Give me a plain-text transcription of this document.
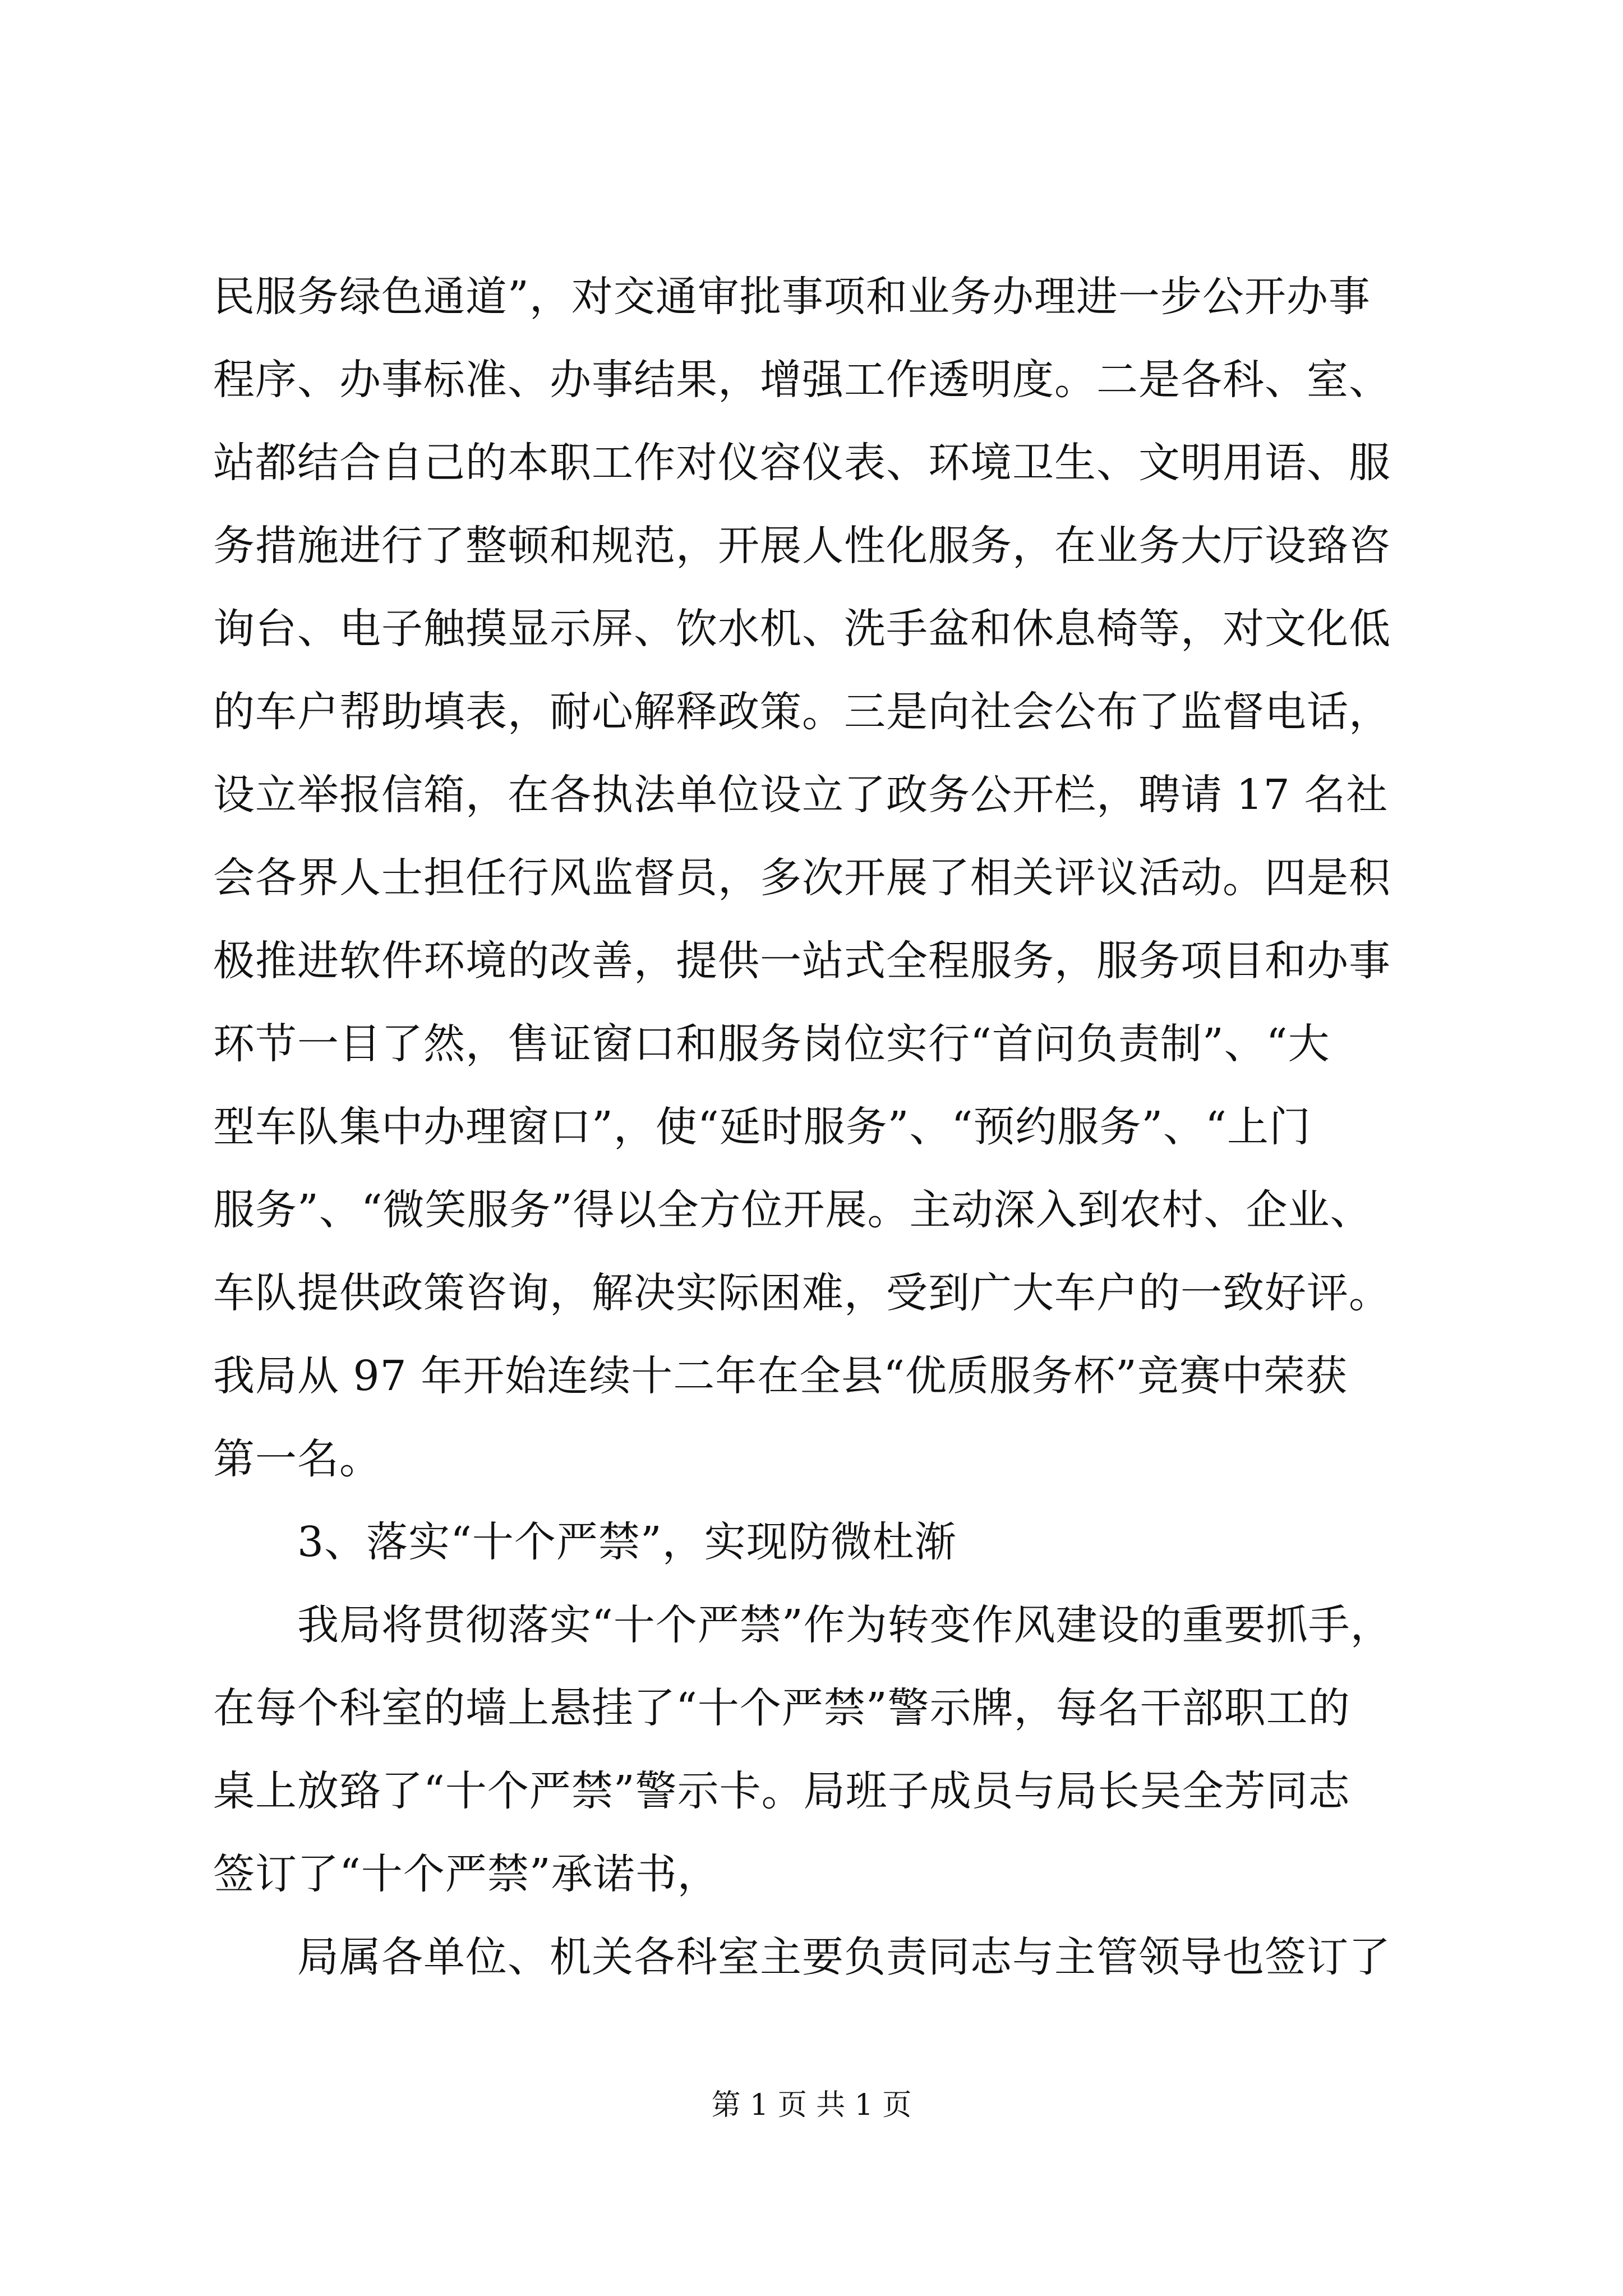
民服务绿色通道”，对交通审批事项和业务办理进一步公开办事
程序、办事标准、办事结果，增强工作透明度。二是各科、室、
站都结合自己的本职工作对仪容仪表、环境卫生、文明用语、服
务措施进行了整顿和规范，开展人性化服务，在业务大厅设臵咨
询台、电子触摸显示屏、饮水机、洗手盆和休息椅等，对文化低
的车户帮助填表，耐心解释政策。三是向社会公布了监督电话，
设立举报信箱，在各执法单位设立了政务公开栏，聘请 17 名社
会各界人士担任行风监督员，多次开展了相关评议活动。四是积
极推进软件环境的改善，提供一站式全程服务，服务项目和办事
环节一目了然，售证窗口和服务岗位实行“首问负责制”、“大
型车队集中办理窗口”，使“延时服务”、“预约服务”、“上门
服务”、“微笑服务”得以全方位开展。主动深入到农村、企业、
车队提供政策咨询，解决实际困难，受到广大车户的一致好评。
我局从 97 年开始连续十二年在全县“优质服务杯”竞赛中荣获
第一名。
3、落实“十个严禁”，实现防微杜渐
我局将贯彻落实“十个严禁”作为转变作风建设的重要抓手，
在每个科室的墙上悬挂了“十个严禁”警示牌，每名干部职工的
桌上放臵了“十个严禁”警示卡。局班子成员与局长吴全芳同志
签订了“十个严禁”承诺书，
局属各单位、机关各科室主要负责同志与主管领导也签订了
第 1 页 共 1 页
